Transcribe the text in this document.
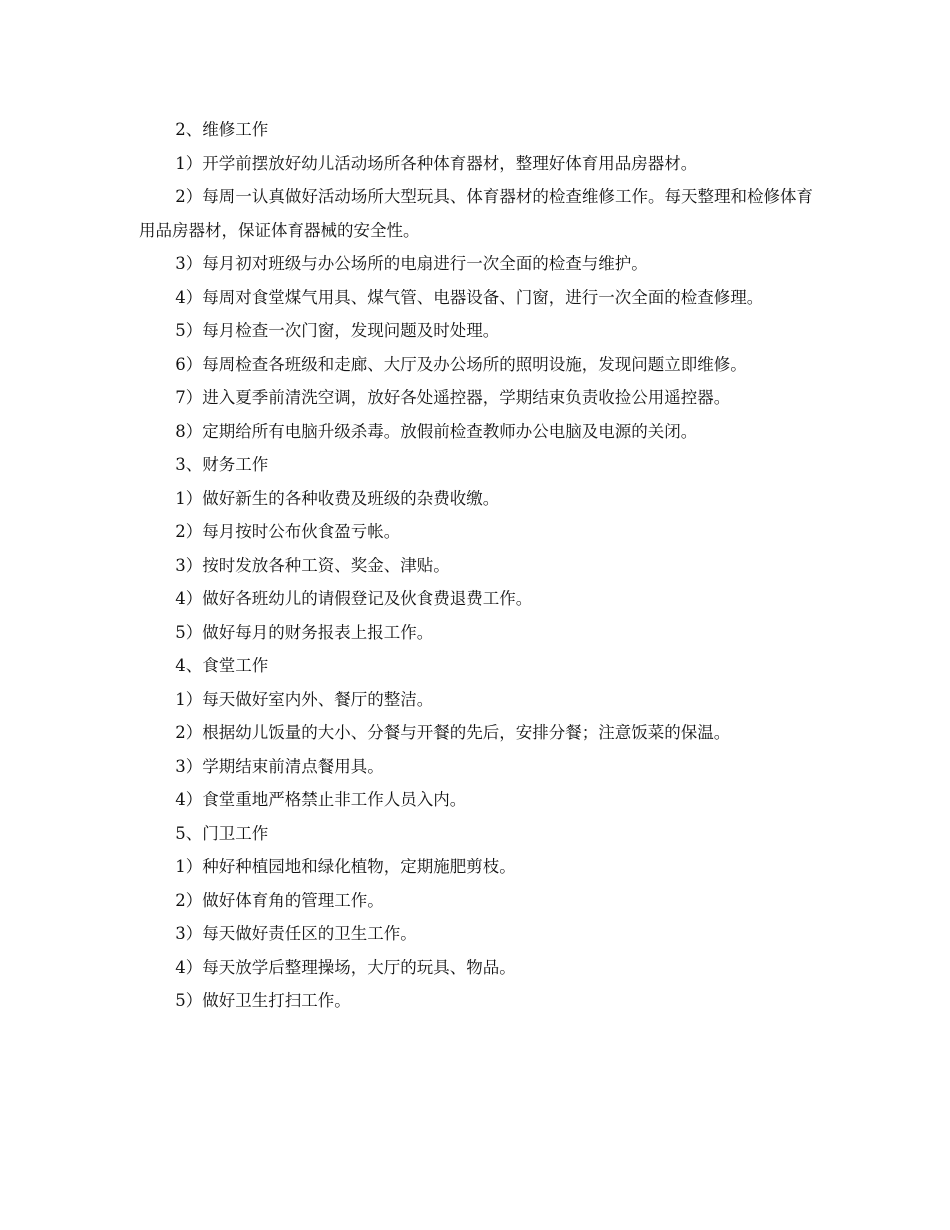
2、维修工作

1）开学前摆放好幼儿活动场所各种体育器材，整理好体育用品房器材。

2）每周一认真做好活动场所大型玩具、体育器材的检查维修工作。每天整理和检修体育用品房器材，保证体育器械的安全性。

3）每月初对班级与办公场所的电扇进行一次全面的检查与维护。

4）每周对食堂煤气用具、煤气管、电器设备、门窗，进行一次全面的检查修理。

5）每月检查一次门窗，发现问题及时处理。

6）每周检查各班级和走廊、大厅及办公场所的照明设施，发现问题立即维修。

7）进入夏季前清洗空调，放好各处遥控器，学期结束负责收捡公用遥控器。

8）定期给所有电脑升级杀毒。放假前检查教师办公电脑及电源的关闭。

3、财务工作

1）做好新生的各种收费及班级的杂费收缴。

2）每月按时公布伙食盈亏帐。

3）按时发放各种工资、奖金、津贴。

4）做好各班幼儿的请假登记及伙食费退费工作。

5）做好每月的财务报表上报工作。

4、食堂工作

1）每天做好室内外、餐厅的整洁。

2）根据幼儿饭量的大小、分餐与开餐的先后，安排分餐；注意饭菜的保温。

3）学期结束前清点餐用具。

4）食堂重地严格禁止非工作人员入内。

5、门卫工作

1）种好种植园地和绿化植物，定期施肥剪枝。

2）做好体育角的管理工作。

3）每天做好责任区的卫生工作。

4）每天放学后整理操场，大厅的玩具、物品。

5）做好卫生打扫工作。
